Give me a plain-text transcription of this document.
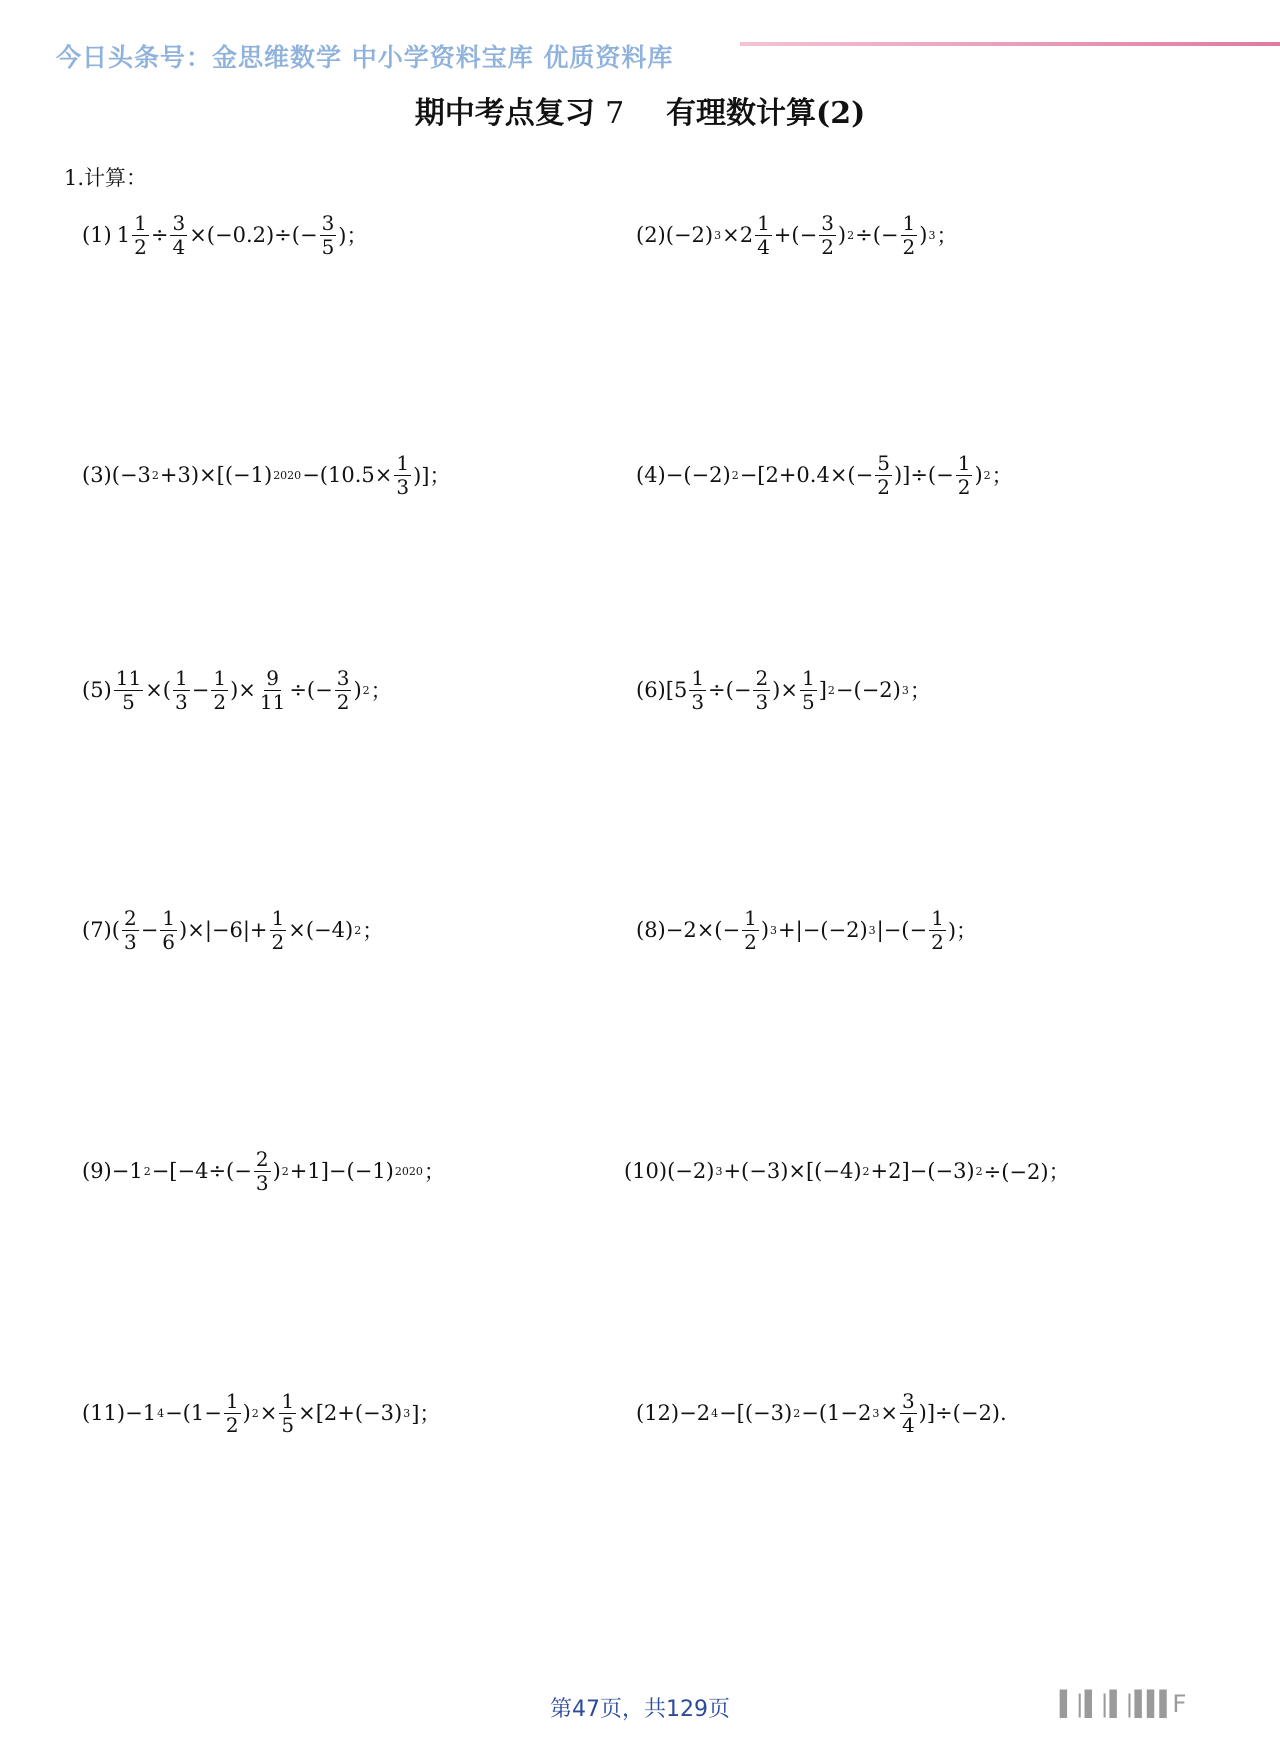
今日头条号：金思维数学 中小学资料宝库 优质资料库
期中考点复习 7 有理数计算(2)
1.计算：
(1) $1 \frac{1}{2} \div \frac{3}{4} \times(-0.2)\div(- \frac{3}{5}$ )；	(2)(−2) $3 \times 2 \frac{1}{4}$ +(− $\frac{3}{2}$ ) 2 ÷(− $\frac{1}{2}$ ) 3 ；
(3)(−3 2 +3)×[(−1) $2020 -(10.5\times \frac{1}{3}$ )]；	(4)−(−2) $2 -[2+0.4\times(- \frac{5}{2}$ )]÷(− $\frac{1}{2}$ ) 2 ；
$(5) \frac{11}{5}$ ×( $\frac{1}{3} - \frac{1}{2}$ )× $\frac{9}{11}$ ÷(− $\frac{3}{2}$ ) 2 ；	$(6)[5 \frac{1}{3}$ ÷(− $\frac{2}{3}$ )× $\frac{1}{5}$ ] 2 −(−2) 3 ；
$(7)( \frac{2}{3} - \frac{1}{6} )\times|-6|+ \frac{1}{2} \times(-4)$ 2 ；	$(8)-2\times(- \frac{1}{2}$ ) 3 +|−(−2) 3 |−(− $\frac{1}{2}$ )；
(9)−1 $2 -[-4\div(- \frac{2}{3}$ ) 2 +1]−(−1) 2020 ；	(10)(−2) 3 +(−3)×[(−4) 2 +2]−(−3) 2 ÷(−2)；
(11)−1 $4 -(1- \frac{1}{2}$ ) $2 \times \frac{1}{5} \times[2+(-3)$ 3 ]；	(12)−2 4 −[(−3) 2 −(1−2 $3 \times \frac{3}{4} )]\div(-2)$.
第47页，共129页	▌|▌|▌|▌▌▌F
